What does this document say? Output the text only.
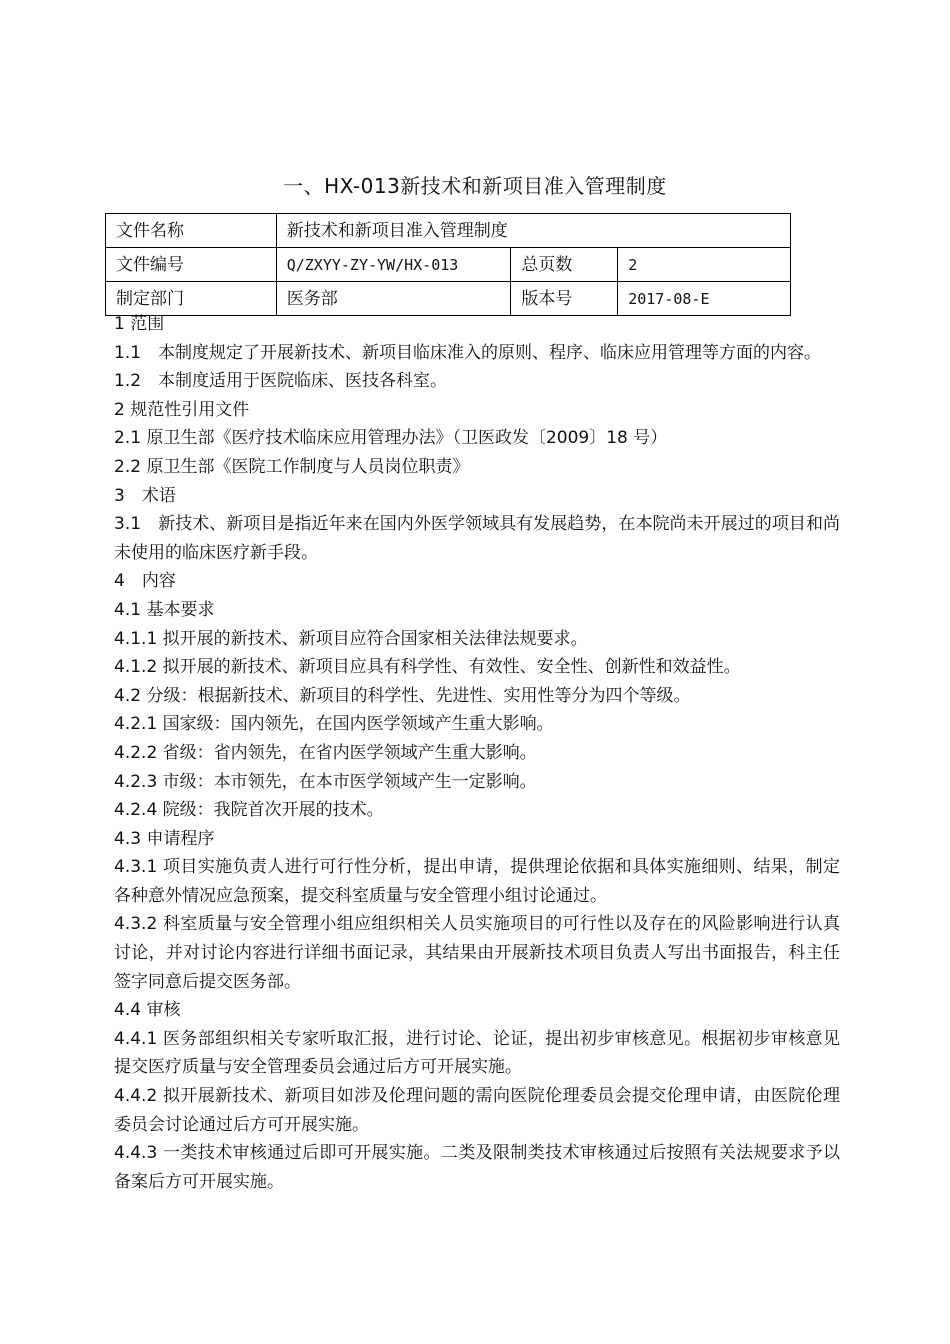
一、HX-013新技术和新项目准入管理制度
文件名称	新技术和新项目准入管理制度		
文件编号	Q/ZXYY-ZY-YW/HX-013	总页数	2
制定部门	医务部	版本号	2017-08-E

1 范围

1.1　本制度规定了开展新技术、新项目临床准入的原则、程序、临床应用管理等方面的内容。

1.2　本制度适用于医院临床、医技各科室。

2 规范性引用文件

2.1 原卫生部《医疗技术临床应用管理办法》（卫医政发〔2009〕18 号）

2.2 原卫生部《医院工作制度与人员岗位职责》

3　术语

3.1　新技术、新项目是指近年来在国内外医学领域具有发展趋势，在本院尚未开展过的项目和尚未使用的临床医疗新手段。

4　内容

4.1 基本要求

4.1.1 拟开展的新技术、新项目应符合国家相关法律法规要求。

4.1.2 拟开展的新技术、新项目应具有科学性、有效性、安全性、创新性和效益性。

4.2 分级：根据新技术、新项目的科学性、先进性、实用性等分为四个等级。

4.2.1 国家级：国内领先，在国内医学领域产生重大影响。

4.2.2 省级：省内领先，在省内医学领域产生重大影响。

4.2.3 市级：本市领先，在本市医学领域产生一定影响。

4.2.4 院级：我院首次开展的技术。

4.3 申请程序

4.3.1 项目实施负责人进行可行性分析，提出申请，提供理论依据和具体实施细则、结果，制定各种意外情况应急预案，提交科室质量与安全管理小组讨论通过。

4.3.2 科室质量与安全管理小组应组织相关人员实施项目的可行性以及存在的风险影响进行认真讨论，并对讨论内容进行详细书面记录，其结果由开展新技术项目负责人写出书面报告，科主任签字同意后提交医务部。

4.4 审核

4.4.1 医务部组织相关专家听取汇报，进行讨论、论证，提出初步审核意见。根据初步审核意见提交医疗质量与安全管理委员会通过后方可开展实施。

4.4.2 拟开展新技术、新项目如涉及伦理问题的需向医院伦理委员会提交伦理申请，由医院伦理委员会讨论通过后方可开展实施。

4.4.3 一类技术审核通过后即可开展实施。二类及限制类技术审核通过后按照有关法规要求予以备案后方可开展实施。
